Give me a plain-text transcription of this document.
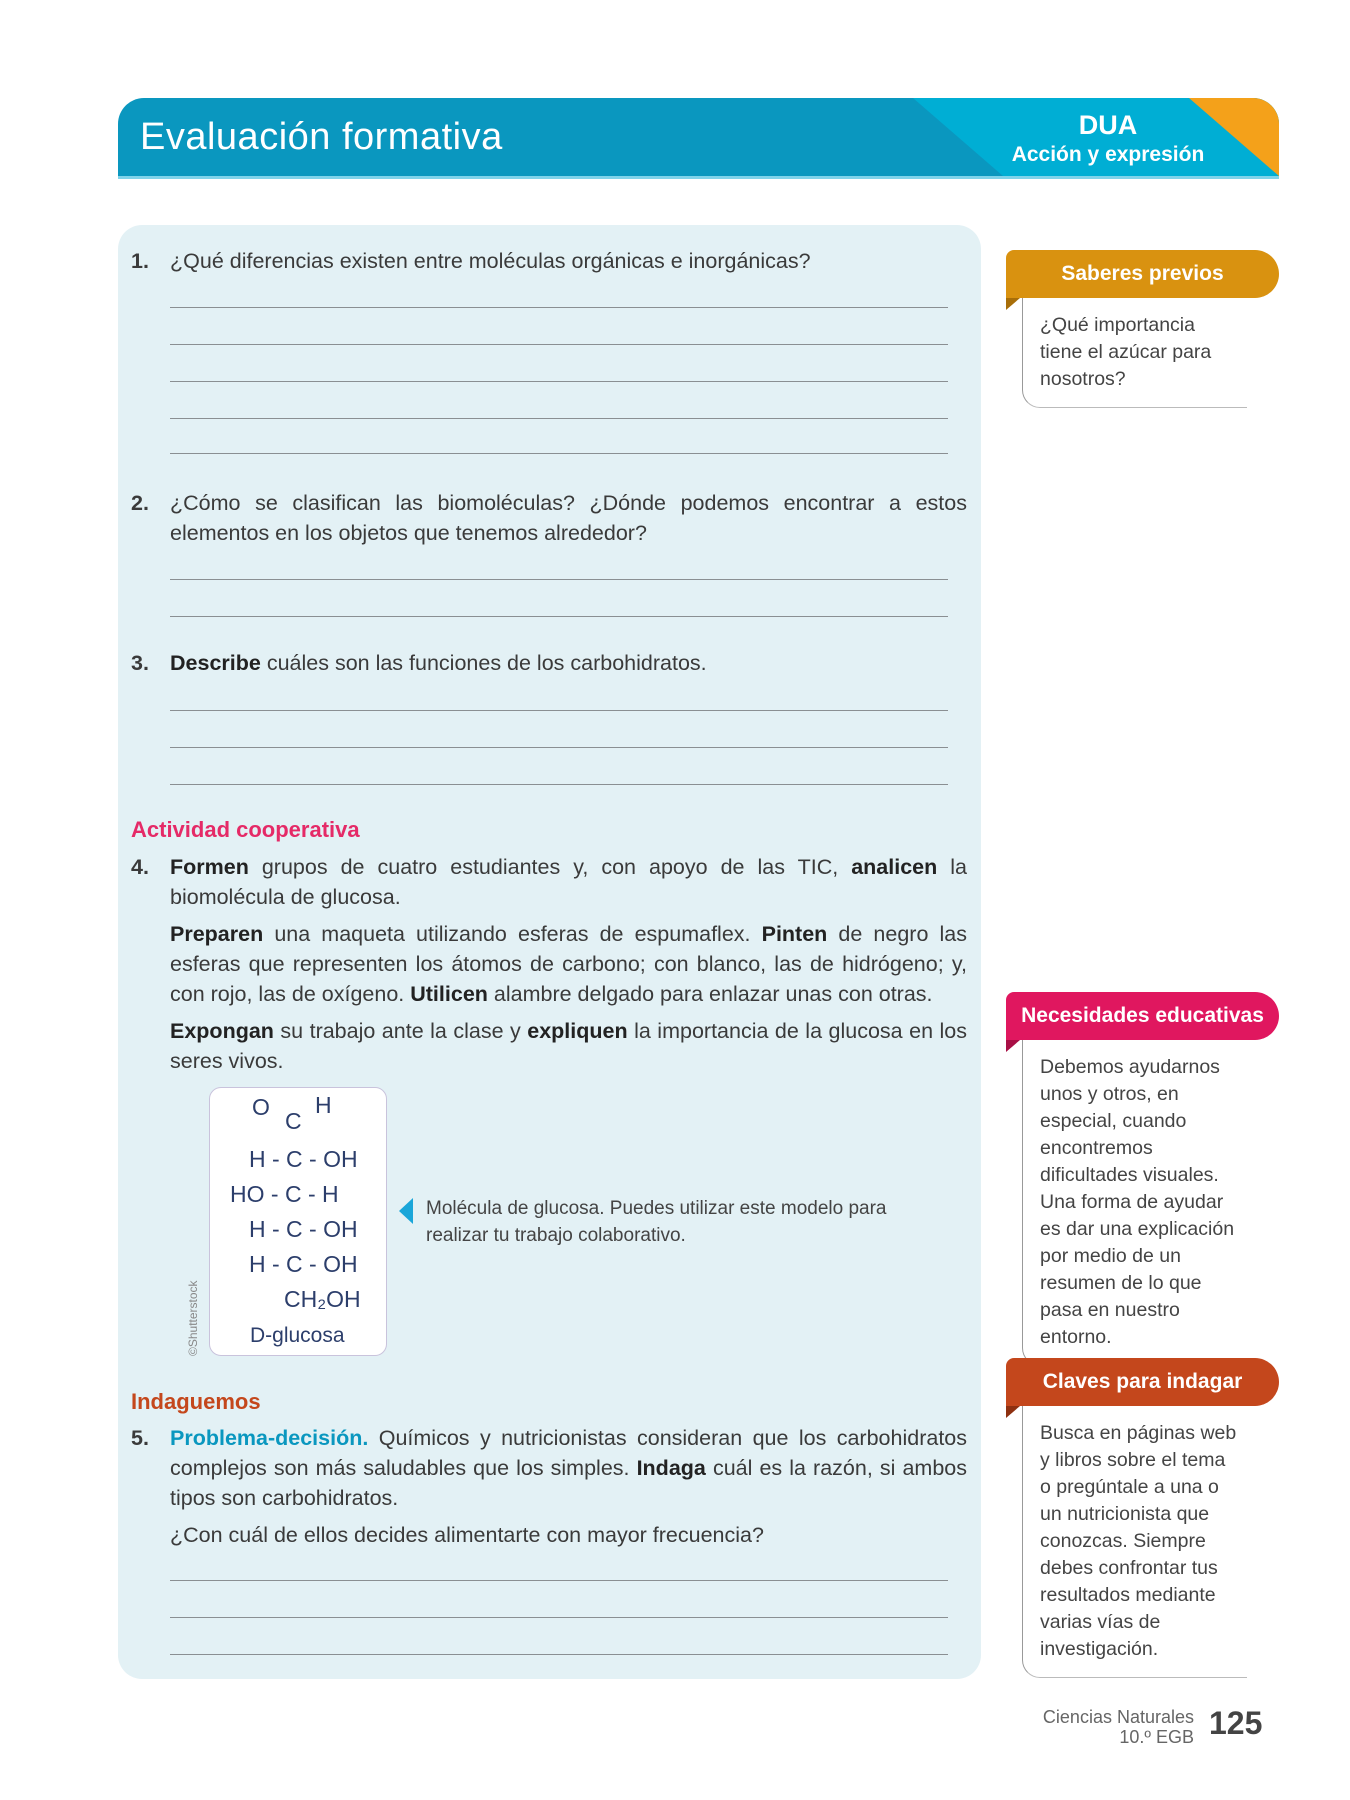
Evaluación formativa	DUA
Acción y expresión
1. ¿Qué diferencias existen entre moléculas orgánicas e inorgánicas?
2. ¿Cómo se clasifican las biomoléculas? ¿Dónde podemos encontrar a estos elementos en los objetos que tenemos alrededor?
3. Describe cuáles son las funciones de los carbohidratos.
Actividad cooperativa
4. Formen grupos de cuatro estudiantes y, con apoyo de las TIC, analicen la biomolécula de glucosa.

Preparen una maqueta utilizando esferas de espumaflex. Pinten de negro las esferas que representen los átomos de carbono; con blanco, las de hidrógeno; y, con rojo, las de oxígeno. Utilicen alambre delgado para enlazar unas con otras.

Expongan su trabajo ante la clase y expliquen la importancia de la glucosa en los seres vivos.

O
C
H
H - C - OH
HO - C - H
H - C - OH
H - C - OH
CH₂OH
D-glucosa
©Shutterstock
Molécula de glucosa. Puedes utilizar este modelo para realizar tu trabajo colaborativo.
Indaguemos
5. Problema-decisión. Químicos y nutricionistas consideran que los carbohidratos complejos son más saludables que los simples. Indaga cuál es la razón, si ambos tipos son carbohidratos.

¿Con cuál de ellos decides alimentarte con mayor frecuencia?

Saberes previos
¿Qué importancia tiene el azúcar para nosotros?
Necesidades educativas
Debemos ayudarnos unos y otros, en especial, cuando encontremos dificultades visuales. Una forma de ayudar es dar una explicación por medio de un resumen de lo que pasa en nuestro entorno.
Claves para indagar
Busca en páginas web y libros sobre el tema o pregúntale a una o un nutricionista que conozcas. Siempre debes confrontar tus resultados mediante varias vías de investigación.
Ciencias Naturales
10.º EGB 125
